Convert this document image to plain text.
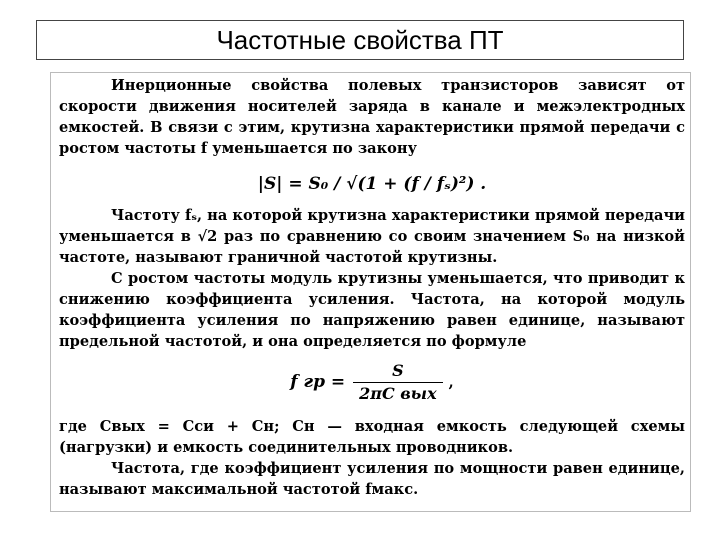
Частотные свойства ПТ

Инерционные свойства полевых транзисторов зависят от скорости движения носителей заряда в канале и межэлектродных емкостей. В связи с этим, крутизна характеристики прямой передачи с ростом частоты f уменьшается по закону

|S| = S₀ / √(1 + (f / fₛ)²) .

Частоту fₛ, на которой крутизна характеристики прямой передачи уменьшается в √2 раз по сравнению со своим значением S₀ на низкой частоте, называют граничной частотой крутизны.

С ростом частоты модуль крутизны уменьшается, что приводит к снижению коэффициента усиления. Частота, на которой модуль коэффициента усиления по напряжению равен единице, называют предельной частотой, и она определяется по формуле

f гр = $\frac{S}{\text{2πC вых}}$ ,

где Cвых = Cси + Cн; Cн — входная емкость следующей схемы (нагрузки) и емкость соединительных проводников.

Частота, где коэффициент усиления по мощности равен единице, называют максимальной частотой fмакс.
